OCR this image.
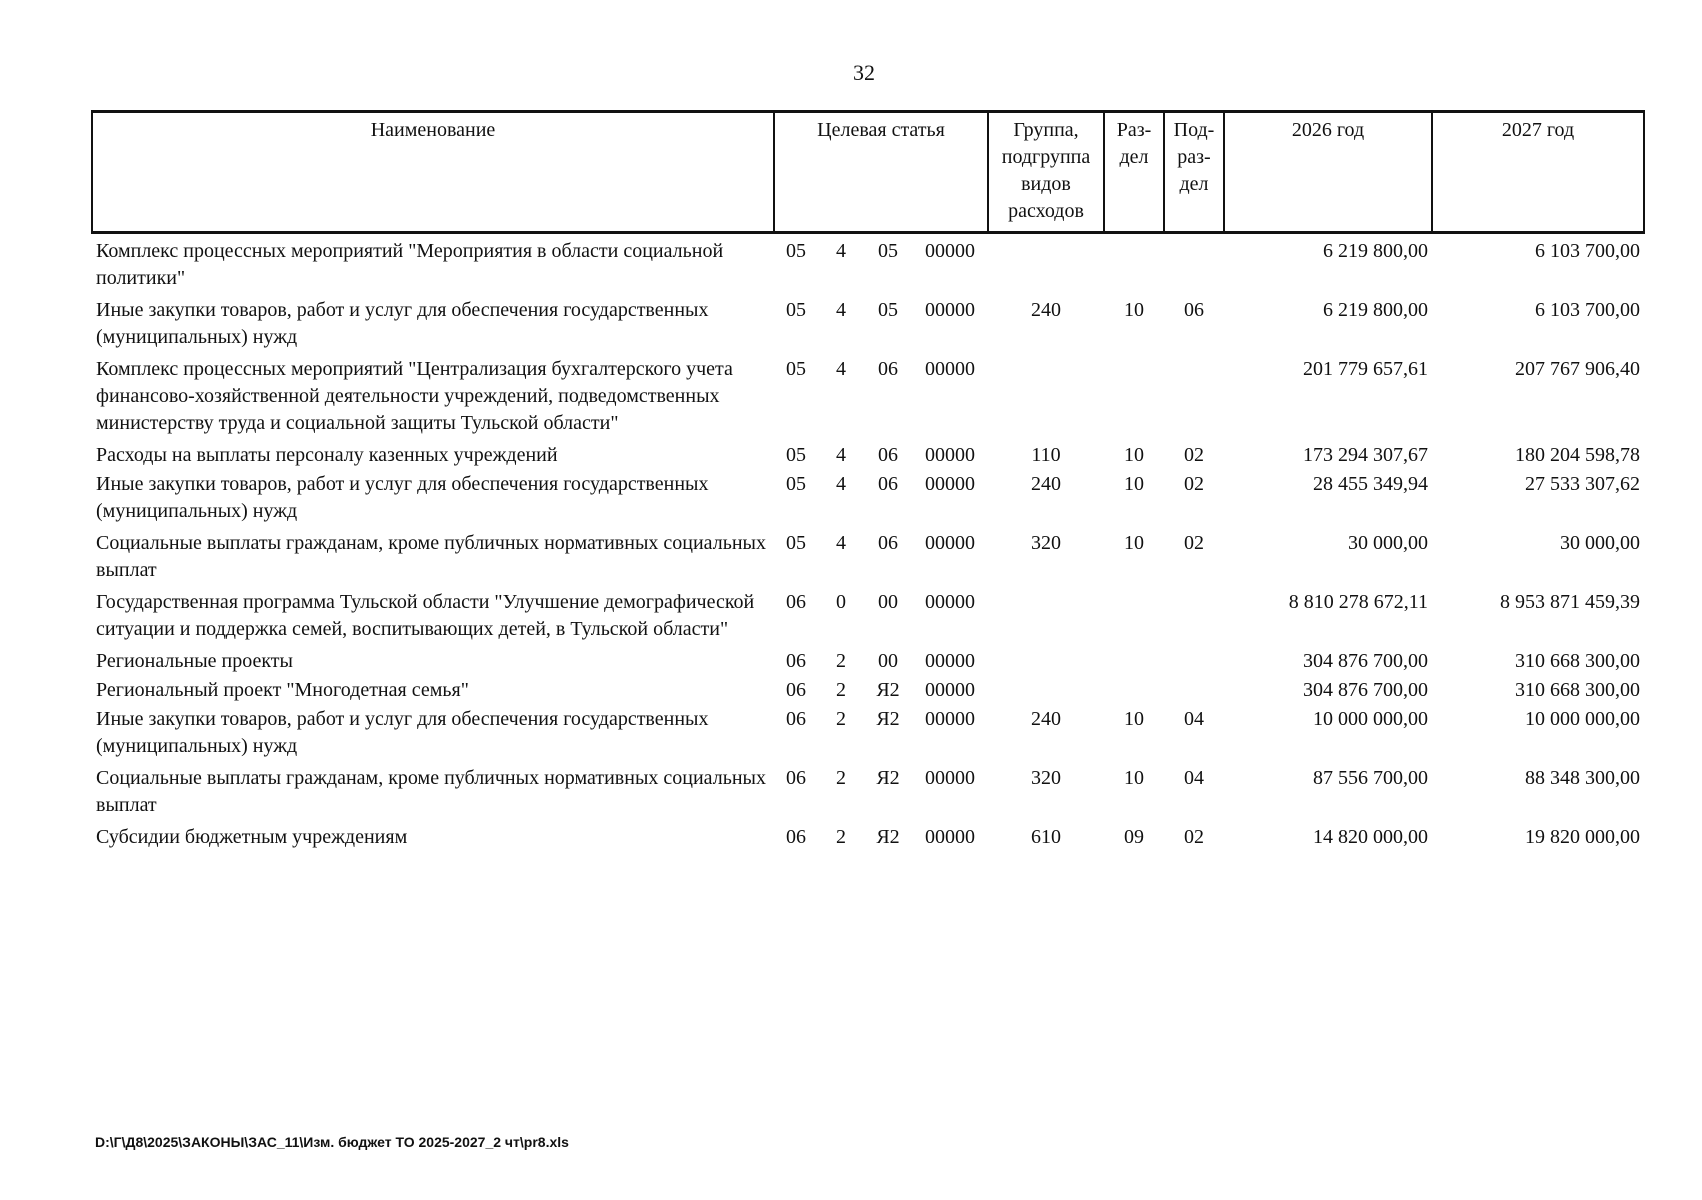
32
Наименование	Целевая статья				Группа, подгруппа видов расходов	Раз-дел	Под-раз-дел	2026 год	2027 год
Комплекс процессных мероприятий "Мероприятия в области социальной политики"	05	4	05	00000				6 219 800,00	6 103 700,00
Иные закупки товаров, работ и услуг для обеспечения государственных (муниципальных) нужд	05	4	05	00000	240	10	06	6 219 800,00	6 103 700,00
Комплекс процессных мероприятий "Централизация бухгалтерского учета финансово-хозяйственной деятельности учреждений, подведомственных министерству труда и социальной защиты Тульской области"	05	4	06	00000				201 779 657,61	207 767 906,40
Расходы на выплаты персоналу казенных учреждений	05	4	06	00000	110	10	02	173 294 307,67	180 204 598,78
Иные закупки товаров, работ и услуг для обеспечения государственных (муниципальных) нужд	05	4	06	00000	240	10	02	28 455 349,94	27 533 307,62
Социальные выплаты гражданам, кроме публичных нормативных социальных выплат	05	4	06	00000	320	10	02	30 000,00	30 000,00
Государственная программа Тульской области "Улучшение демографической ситуации и поддержка семей, воспитывающих детей, в Тульской области"	06	0	00	00000				8 810 278 672,11	8 953 871 459,39
Региональные проекты	06	2	00	00000				304 876 700,00	310 668 300,00
Региональный проект "Многодетная семья"	06	2	Я2	00000				304 876 700,00	310 668 300,00
Иные закупки товаров, работ и услуг для обеспечения государственных (муниципальных) нужд	06	2	Я2	00000	240	10	04	10 000 000,00	10 000 000,00
Социальные выплаты гражданам, кроме публичных нормативных социальных выплат	06	2	Я2	00000	320	10	04	87 556 700,00	88 348 300,00
Субсидии бюджетным учреждениям	06	2	Я2	00000	610	09	02	14 820 000,00	19 820 000,00
D:\Г\Д8\2025\ЗАКОНЫ\ЗАС_11\Изм. бюджет ТО 2025-2027_2 чт\pr8.xls
